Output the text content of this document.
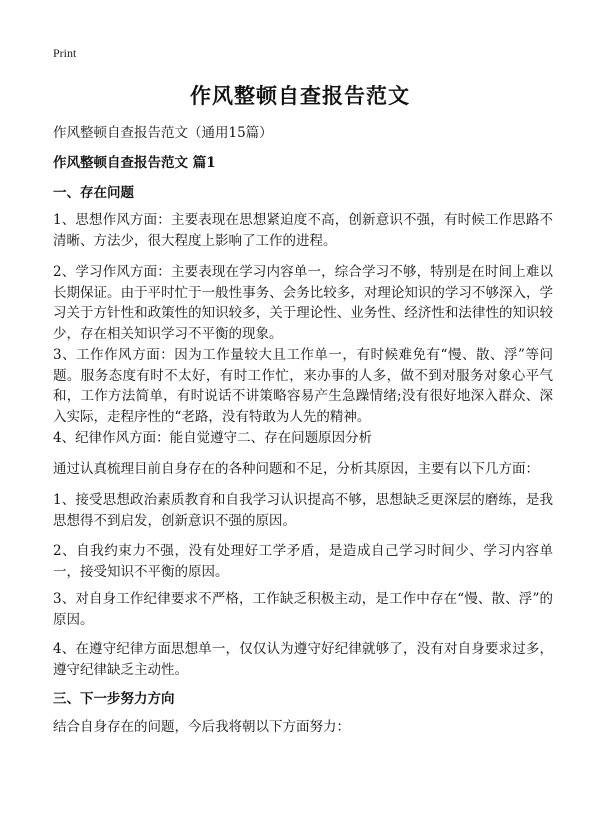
Print
作风整顿自查报告范文
作风整顿自查报告范文（通用15篇）
作风整顿自查报告范文 篇1
一、存在问题
1、思想作风方面：主要表现在思想紧迫度不高，创新意识不强，有时候工作思路不清晰、方法少，很大程度上影响了工作的进程。
2、学习作风方面：主要表现在学习内容单一，综合学习不够，特别是在时间上难以长期保证。由于平时忙于一般性事务、会务比较多，对理论知识的学习不够深入，学习关于方针性和政策性的知识较多，关于理论性、业务性、经济性和法律性的知识较少，存在相关知识学习不平衡的现象。
3、工作作风方面：因为工作量较大且工作单一，有时候难免有“慢、散、浮”等问题。服务态度有时不太好，有时工作忙，来办事的人多，做不到对服务对象心平气和，工作方法简单，有时说话不讲策略容易产生急躁情绪;没有很好地深入群众、深入实际，走程序性的“老路，没有特敢为人先的精神。
4、纪律作风方面：能自觉遵守二、存在问题原因分析
通过认真梳理目前自身存在的各种问题和不足，分析其原因，主要有以下几方面：
1、接受思想政治素质教育和自我学习认识提高不够，思想缺乏更深层的磨练，是我思想得不到启发，创新意识不强的原因。
2、自我约束力不强，没有处理好工学矛盾，是造成自己学习时间少、学习内容单一，接受知识不平衡的原因。
3、对自身工作纪律要求不严格，工作缺乏积极主动，是工作中存在“慢、散、浮”的原因。
4、在遵守纪律方面思想单一，仅仅认为遵守好纪律就够了，没有对自身要求过多，遵守纪律缺乏主动性。
三、下一步努力方向
结合自身存在的问题，今后我将朝以下方面努力：
